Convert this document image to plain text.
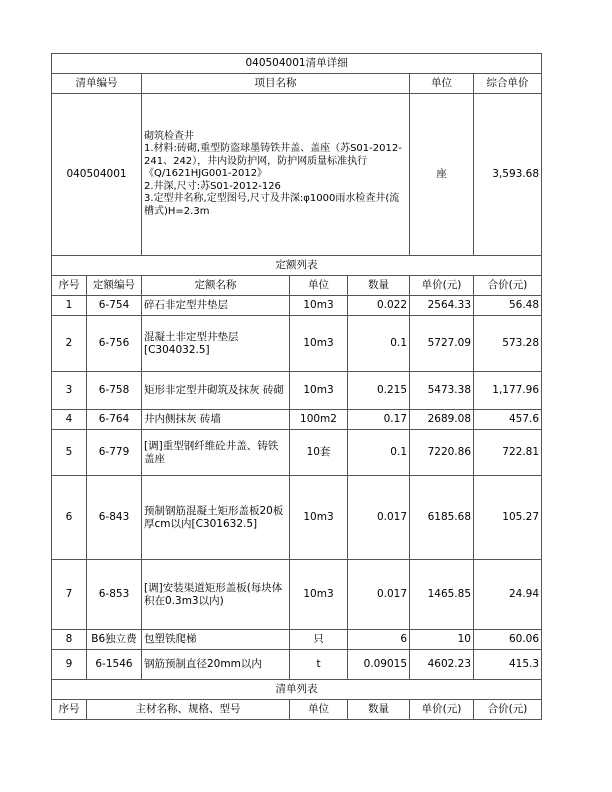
040504001清单详细						
清单编号		项目名称			单位	综合单价
040504001		砌筑检查井
1.材料:砖砌,重型防盗球墨铸铁井盖、盖座（苏S01-2012-241、242），井内设防护网，防护网质量标准执行《Q/1621HJG001-2012》
2.井深,尺寸:苏S01-2012-126
3.定型井名称,定型图号,尺寸及井深:φ1000雨水检查井(流槽式)H=2.3m			座	3,593.68
定额列表						
序号	定额编号	定额名称	单位	数量	单价(元)	合价(元)
1	6-754	碎石非定型井垫层	10m3	0.022	2564.33	56.48
2	6-756	混凝土非定型井垫层
[C304032.5]	10m3	0.1	5727.09	573.28
3	6-758	矩形非定型井砌筑及抹灰 砖砌	10m3	0.215	5473.38	1,177.96
4	6-764	井内侧抹灰 砖墙	100m2	0.17	2689.08	457.6
5	6-779	[调]重型钢纤维砼井盖、铸铁盖座	10套	0.1	7220.86	722.81
6	6-843	预制钢筋混凝土矩形盖板20板厚cm以内[C301632.5]	10m3	0.017	6185.68	105.27
7	6-853	[调]安装渠道矩形盖板(每块体积在0.3m3以内)	10m3	0.017	1465.85	24.94
8	B6独立费	包塑铁爬梯	只	6	10	60.06
9	6-1546	钢筋预制直径20mm以内	t	0.09015	4602.23	415.3
清单列表						
序号	主材名称、规格、型号		单位	数量	单价(元)	合价(元)
